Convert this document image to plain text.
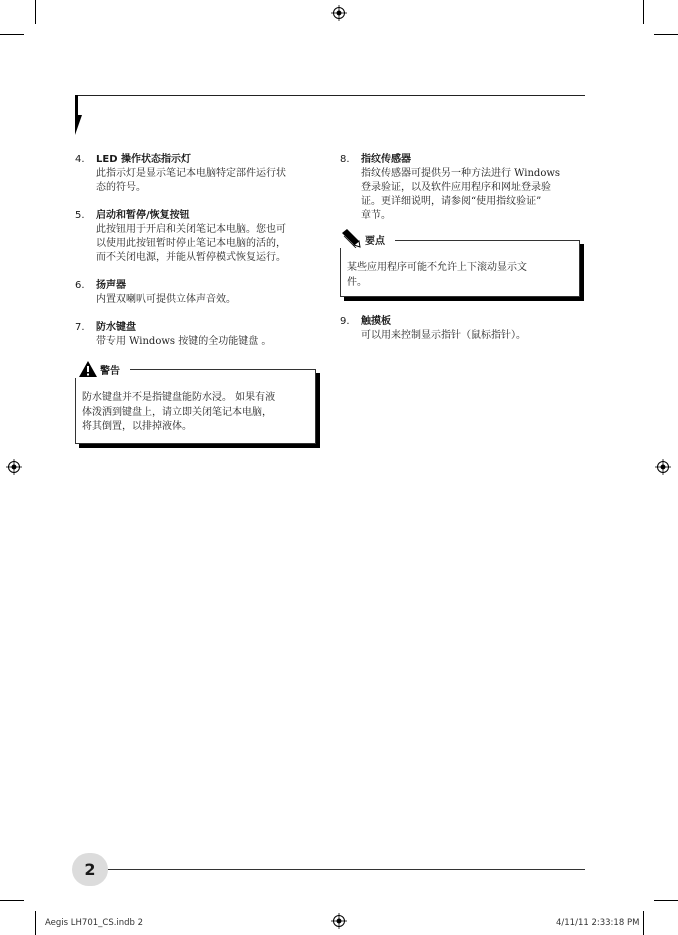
4. LED 操作状态指示灯
此指示灯是显示笔记本电脑特定部件运行状
态的符号。
5. 启动和暂停/恢复按钮
此按钮用于开启和关闭笔记本电脑。您也可
以使用此按钮暂时停止笔记本电脑的活的，
而不关闭电源，并能从暂停模式恢复运行。
6. 扬声器
内置双喇叭可提供立体声音效。
7. 防水键盘
带专用 Windows 按键的全功能键盘 。
防水键盘并不是指键盘能防水浸。 如果有液
体泼洒到键盘上，请立即关闭笔记本电脑，
将其倒置，以排掉液体。
警告
8. 指纹传感器
指纹传感器可提供另一种方法进行 Windows
登录验证，以及软件应用程序和网址登录验
证。更详细说明，请参阅“使用指纹验证”
章节。
某些应用程序可能不允许上下滚动显示文
件。
要点
9. 触摸板
可以用来控制显示指针（鼠标指针）。
2
Aegis LH701_CS.indb 2	4/11/11 2:33:18 PM
